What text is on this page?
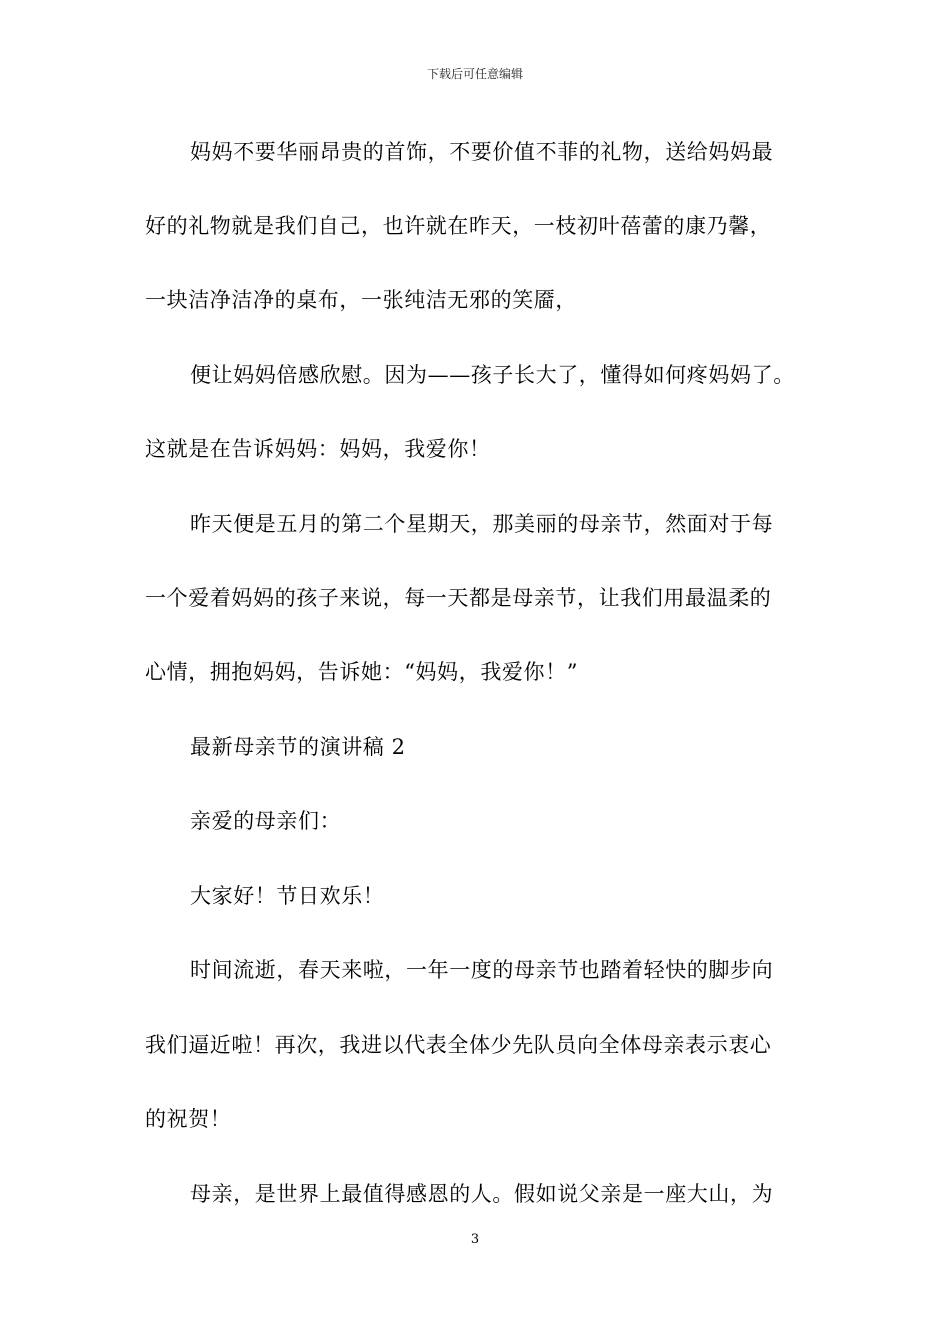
下载后可任意编辑
妈妈不要华丽昂贵的首饰，不要价值不菲的礼物，送给妈妈最
好的礼物就是我们自己，也许就在昨天，一枝初叶蓓蕾的康乃馨，
一块洁净洁净的桌布，一张纯洁无邪的笑靥，
便让妈妈倍感欣慰。因为——孩子长大了，懂得如何疼妈妈了。
这就是在告诉妈妈：妈妈，我爱你！
昨天便是五月的第二个星期天，那美丽的母亲节，然面对于每
一个爱着妈妈的孩子来说，每一天都是母亲节，让我们用最温柔的
心情，拥抱妈妈，告诉她：“妈妈，我爱你！”
最新母亲节的演讲稿 2
亲爱的母亲们：
大家好！节日欢乐！
时间流逝，春天来啦，一年一度的母亲节也踏着轻快的脚步向
我们逼近啦！再次，我进以代表全体少先队员向全体母亲表示衷心
的祝贺！
母亲，是世界上最值得感恩的人。假如说父亲是一座大山，为
3
